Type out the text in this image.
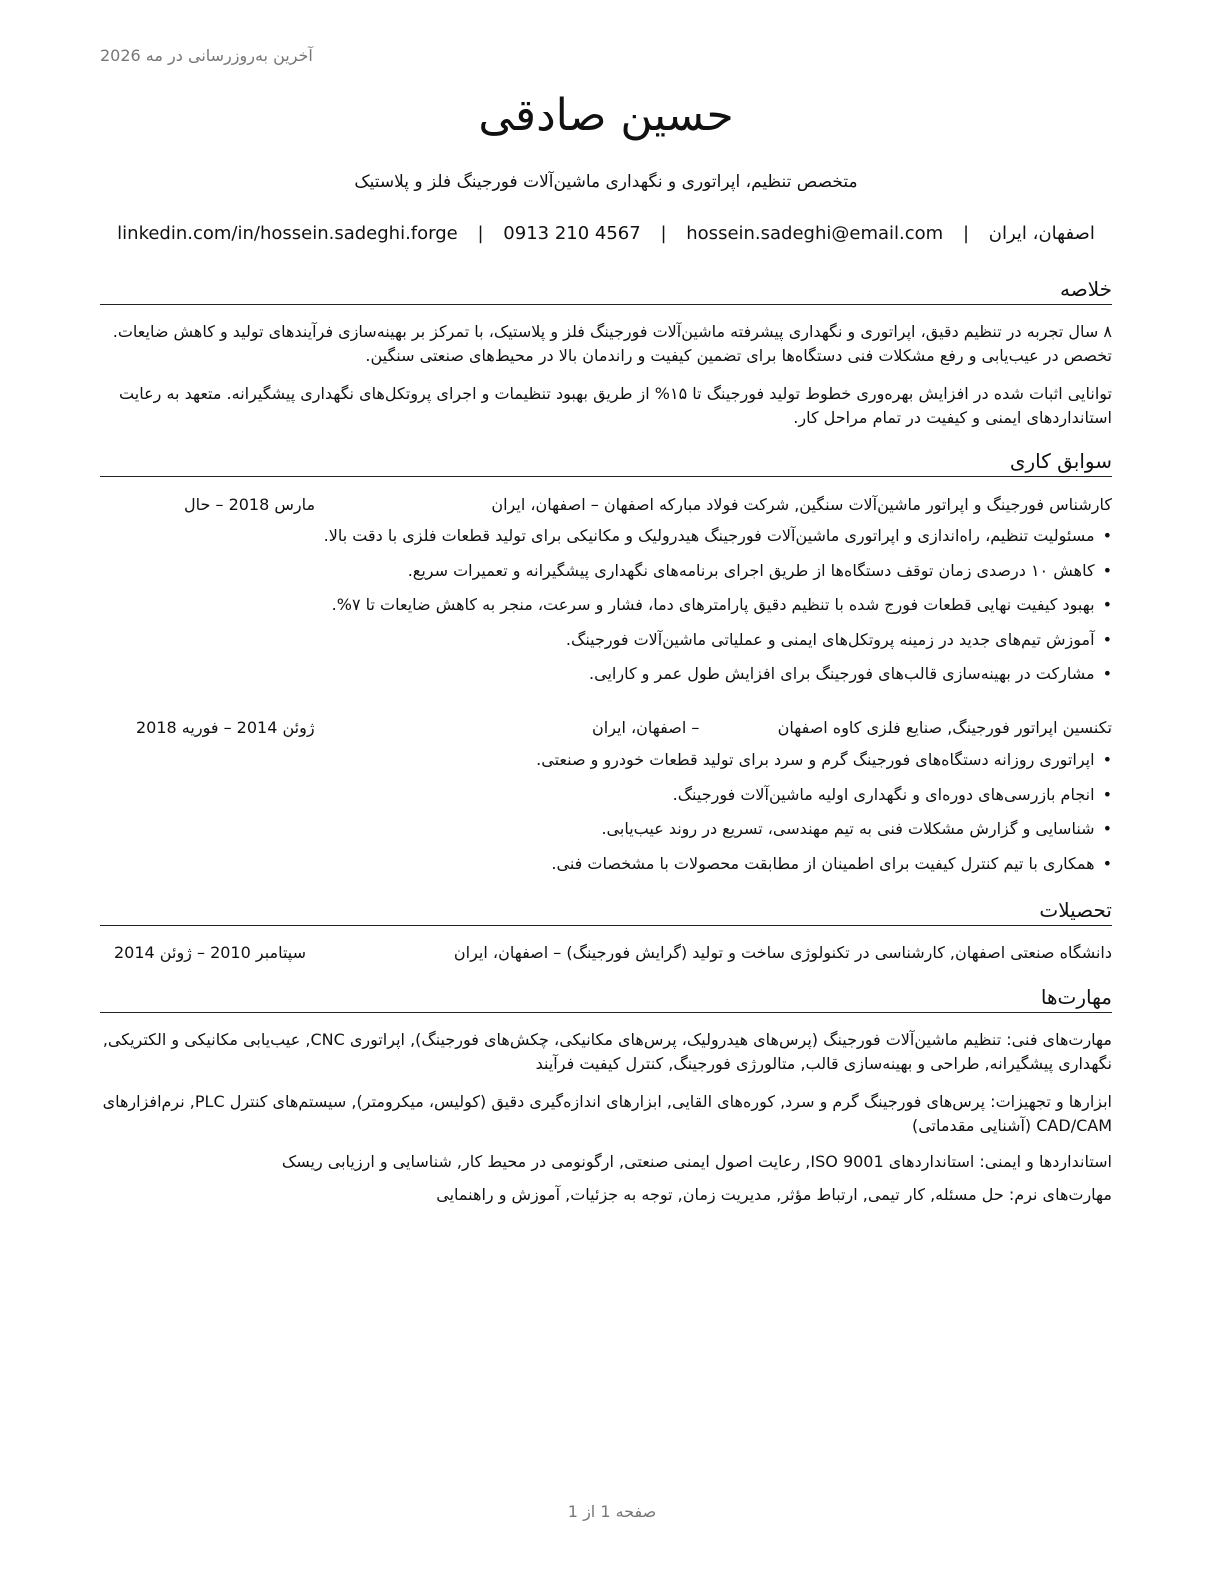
آخرین به‌روزرسانی در مه 2026
حسین صادقی
متخصص تنظیم، اپراتوری و نگهداری ماشین‌آلات فورجینگ فلز و پلاستیک
اصفهان، ایران | hossein.sadeghi@email.com | 0913 210 4567 | linkedin.com/in/hossein.sadeghi.forge
خلاصه
۸ سال تجربه در تنظیم دقیق، اپراتوری و نگهداری پیشرفته ماشین‌آلات فورجینگ فلز و پلاستیک، با تمرکز بر بهینه‌سازی فرآیندهای تولید و کاهش ضایعات. تخصص در عیب‌یابی و رفع مشکلات فنی دستگاه‌ها برای تضمین کیفیت و راندمان بالا در محیط‌های صنعتی سنگین.
توانایی اثبات شده در افزایش بهره‌وری خطوط تولید فورجینگ تا ۱۵% از طریق بهبود تنظیمات و اجرای پروتکل‌های نگهداری پیشگیرانه. متعهد به رعایت استانداردهای ایمنی و کیفیت در تمام مراحل کار.
سوابق کاری
کارشناس فورجینگ و اپراتور ماشین‌آلات سنگین, شرکت فولاد مبارکه اصفهان – اصفهان، ایران
مارس 2018 – حال
•مسئولیت تنظیم، راه‌اندازی و اپراتوری ماشین‌آلات فورجینگ هیدرولیک و مکانیکی برای تولید قطعات فلزی با دقت بالا.
•کاهش ۱۰ درصدی زمان توقف دستگاه‌ها از طریق اجرای برنامه‌های نگهداری پیشگیرانه و تعمیرات سریع.
•بهبود کیفیت نهایی قطعات فورج شده با تنظیم دقیق پارامترهای دما، فشار و سرعت، منجر به کاهش ضایعات تا ۷%.
•آموزش تیم‌های جدید در زمینه پروتکل‌های ایمنی و عملیاتی ماشین‌آلات فورجینگ.
•مشارکت در بهینه‌سازی قالب‌های فورجینگ برای افزایش طول عمر و کارایی.
تکنسین اپراتور فورجینگ, صنایع فلزی کاوه اصفهان
– اصفهان، ایران
ژوئن 2014 – فوریه 2018
•اپراتوری روزانه دستگاه‌های فورجینگ گرم و سرد برای تولید قطعات خودرو و صنعتی.
•انجام بازرسی‌های دوره‌ای و نگهداری اولیه ماشین‌آلات فورجینگ.
•شناسایی و گزارش مشکلات فنی به تیم مهندسی، تسریع در روند عیب‌یابی.
•همکاری با تیم کنترل کیفیت برای اطمینان از مطابقت محصولات با مشخصات فنی.
تحصیلات
دانشگاه صنعتی اصفهان, کارشناسی در تکنولوژی ساخت و تولید (گرایش فورجینگ) – اصفهان، ایران
سپتامبر 2010 – ژوئن 2014
مهارت‌ها
مهارت‌های فنی: تنظیم ماشین‌آلات فورجینگ (پرس‌های هیدرولیک، پرس‌های مکانیکی، چکش‌های فورجینگ), اپراتوری CNC, عیب‌یابی مکانیکی و الکتریکی, نگهداری پیشگیرانه, طراحی و بهینه‌سازی قالب, متالورژی فورجینگ, کنترل کیفیت فرآیند
ابزارها و تجهیزات: پرس‌های فورجینگ گرم و سرد, کوره‌های القایی, ابزارهای اندازه‌گیری دقیق (کولیس، میکرومتر), سیستم‌های کنترل PLC, نرم‌افزارهای CAD/CAM (آشنایی مقدماتی)
استانداردها و ایمنی: استانداردهای ISO 9001, رعایت اصول ایمنی صنعتی, ارگونومی در محیط کار, شناسایی و ارزیابی ریسک
مهارت‌های نرم: حل مسئله, کار تیمی, ارتباط مؤثر, مدیریت زمان, توجه به جزئیات, آموزش و راهنمایی
صفحه 1 از 1
